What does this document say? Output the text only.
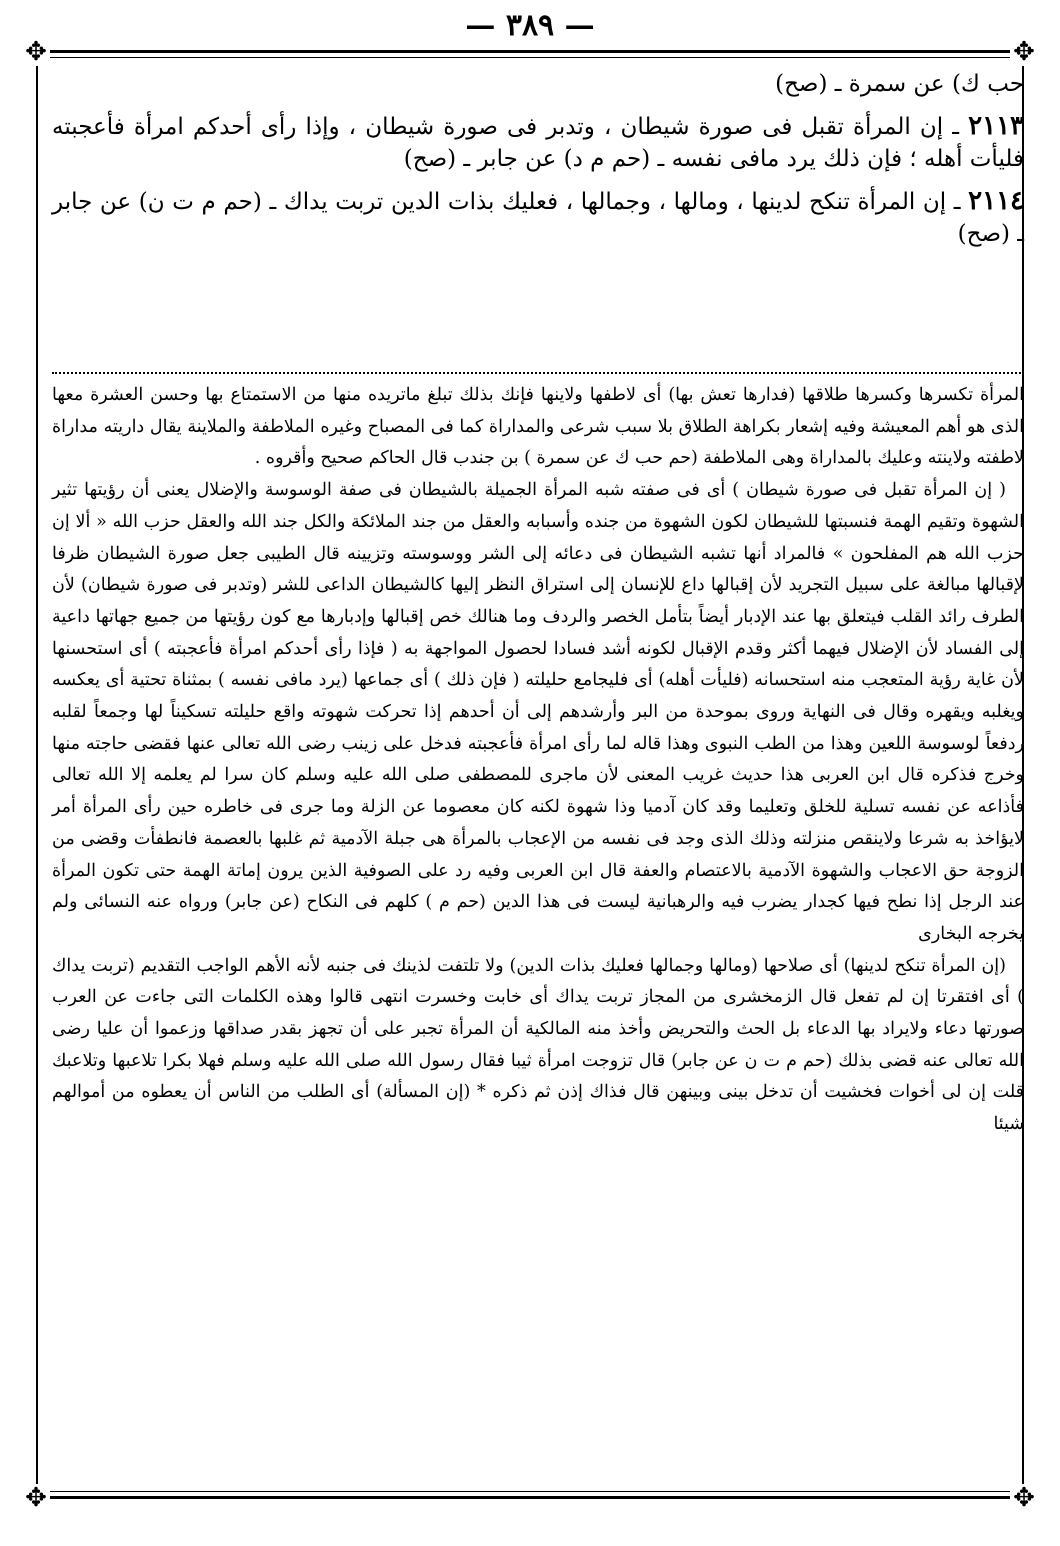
— ٣٨٩ —
✥	✥
✥	✥

حب ك) عن سمرة ـ (صح)

٢١١٣ ـ إن المرأة تقبل فى صورة شيطان ، وتدبر فى صورة شيطان ، وإذا رأى أحدكم امرأة فأعجبته فليأت أهله ؛ فإن ذلك يرد مافى نفسه ـ (حم م د) عن جابر ـ (صح)

٢١١٤ ـ إن المرأة تنكح لدينها ، ومالها ، وجمالها ، فعليك بذات الدين تربت يداك ـ (حم م ت ن) عن جابر ـ (صح)

المرأة تكسرها وكسرها طلاقها (فدارها تعش بها) أى لاطفها ولاينها فإنك بذلك تبلغ ماتريده منها من الاستمتاع بها وحسن العشرة معها الذى هو أهم المعيشة وفيه إشعار بكراهة الطلاق بلا سبب شرعى والمداراة كما فى المصباح وغيره الملاطفة والملاينة يقال داريته مداراة لاطفته ولاينته وعليك بالمداراة وهى الملاطفة (حم حب ك عن سمرة ) بن جندب قال الحاكم صحيح وأقروه .

( إن المرأة تقبل فى صورة شيطان ) أى فى صفته شبه المرأة الجميلة بالشيطان فى صفة الوسوسة والإضلال يعنى أن رؤيتها تثير الشهوة وتقيم الهمة فنسبتها للشيطان لكون الشهوة من جنده وأسبابه والعقل من جند الملائكة والكل جند الله والعقل حزب الله « ألا إن حزب الله هم المفلحون » فالمراد أنها تشبه الشيطان فى دعائه إلى الشر ووسوسته وتزيينه قال الطيبى جعل صورة الشيطان ظرفا لإقبالها مبالغة على سبيل التجريد لأن إقبالها داع للإنسان إلى استراق النظر إليها كالشيطان الداعى للشر (وتدبر فى صورة شيطان) لأن الطرف رائد القلب فيتعلق بها عند الإدبار أيضاً بتأمل الخصر والردف وما هنالك خص إقبالها وإدبارها مع كون رؤيتها من جميع جهاتها داعية إلى الفساد لأن الإضلال فيهما أكثر وقدم الإقبال لكونه أشد فسادا لحصول المواجهة به ( فإذا رأى أحدكم امرأة فأعجبته ) أى استحسنها لأن غاية رؤية المتعجب منه استحسانه (فليأت أهله) أى فليجامع حليلته ( فإن ذلك ) أى جماعها (يرد مافى نفسه ) بمثناة تحتية أى يعكسه ويغلبه ويقهره وقال فى النهاية وروى بموحدة من البر وأرشدهم إلى أن أحدهم إذا تحركت شهوته واقع حليلته تسكيناً لها وجمعاً لقلبه ردفعاً لوسوسة اللعين وهذا من الطب النبوى وهذا قاله لما رأى امرأة فأعجبته فدخل على زينب رضى الله تعالى عنها فقضى حاجته منها وخرج فذكره قال ابن العربى هذا حديث غريب المعنى لأن ماجرى للمصطفى صلى الله عليه وسلم كان سرا لم يعلمه إلا الله تعالى فأذاعه عن نفسه تسلية للخلق وتعليما وقد كان آدميا وذا شهوة لكنه كان معصوما عن الزلة وما جرى فى خاطره حين رأى المرأة أمر لايؤاخذ به شرعا ولاينقص منزلته وذلك الذى وجد فى نفسه من الإعجاب بالمرأة هى جبلة الآدمية ثم غلبها بالعصمة فانطفأت وقضى من الزوجة حق الاعجاب والشهوة الآدمية بالاعتصام والعفة قال ابن العربى وفيه رد على الصوفية الذين يرون إماتة الهمة حتى تكون المرأة عند الرجل إذا نطح فيها كجدار يضرب فيه والرهبانية ليست فى هذا الدين (حم م ) كلهم فى النكاح (عن جابر) ورواه عنه النسائى ولم يخرجه البخارى

(إن المرأة تنكح لدينها) أى صلاحها (ومالها وجمالها فعليك بذات الدين) ولا تلتفت لذينك فى جنبه لأنه الأهم الواجب التقديم (تربت يداك ) أى افتقرتا إن لم تفعل قال الزمخشرى من المجاز تربت يداك أى خابت وخسرت انتهى قالوا وهذه الكلمات التى جاءت عن العرب صورتها دعاء ولايراد بها الدعاء بل الحث والتحريض وأخذ منه المالكية أن المرأة تجبر على أن تجهز بقدر صداقها وزعموا أن عليا رضى الله تعالى عنه قضى بذلك (حم م ت ن عن جابر) قال تزوجت امرأة ثيبا فقال رسول الله صلى الله عليه وسلم فهلا بكرا تلاعبها وتلاعبك قلت إن لى أخوات فخشيت أن تدخل بينى وبينهن قال فذاك إذن ثم ذكره * (إن المسألة) أى الطلب من الناس أن يعطوه من أموالهم شيئا
